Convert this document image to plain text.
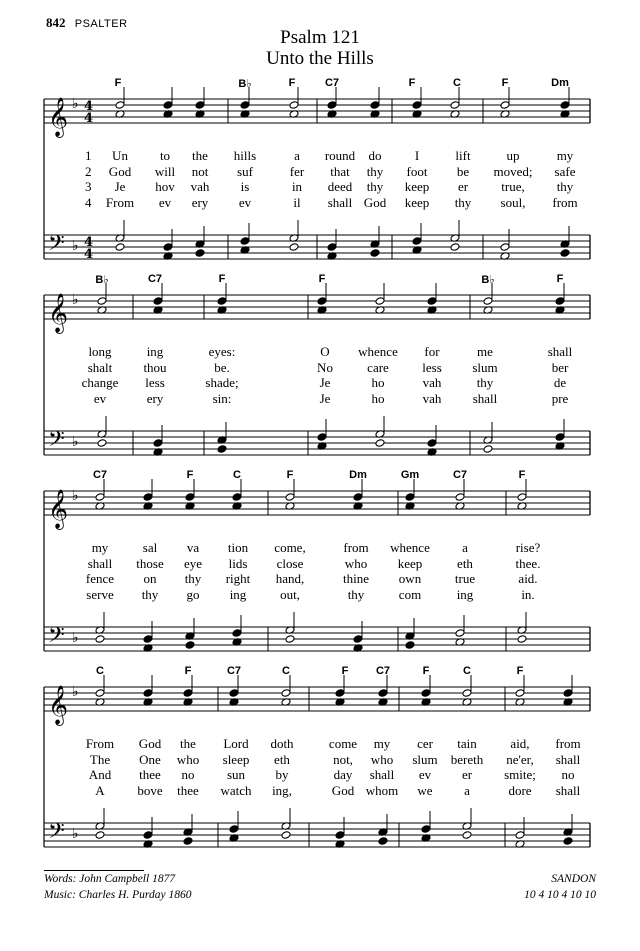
842 PSALTER
Psalm 121
Unto the Hills
F	B♭	F	C7	F	C	F	Dm
𝄞 ♭
𝄢 ♭
4
4
4
4
1
2
3
4
Un to the hills	a round do	I	lift	up	my
God will not suf	fer that thy foot be moved; safe
Je hov vah is	in deed thy keep er	true, thy
From ev ery ev	il shall God keep thy soul, from
B♭	C7	F	F	B♭	F
𝄞 ♭
𝄢 ♭
long	ing	eyes:	O whence for	me	shall
shalt thou	be.	No	care	less slum	ber
change less	shade;	Je	ho	vah	thy	de
ev	ery	sin:	Je	ho	vah shall	pre
C7	F	C	F	Dm	Gm	C7	F
𝄞 ♭
𝄢 ♭
my	sal va tion come,	from whence a	rise?
shall those eye lids close	who keep	eth	thee.
fence on thy right hand,	thine own	true	aid.
serve thy go ing	out,	thy	com	ing	in.
C	F	C7	C	F	C7	F	C	F
𝄞 ♭
𝄢 ♭
From God the Lord doth	come my cer tain	aid, from
The One who sleep eth	not, who slum bereth ne'er, shall
And thee no sun by	day shall ev er smite; no
A	bove thee watch ing,	God whom we a	dore shall
Words: John Campbell 1877
Music: Charles H. Purday 1860
SANDON
10 4 10 4 10 10
